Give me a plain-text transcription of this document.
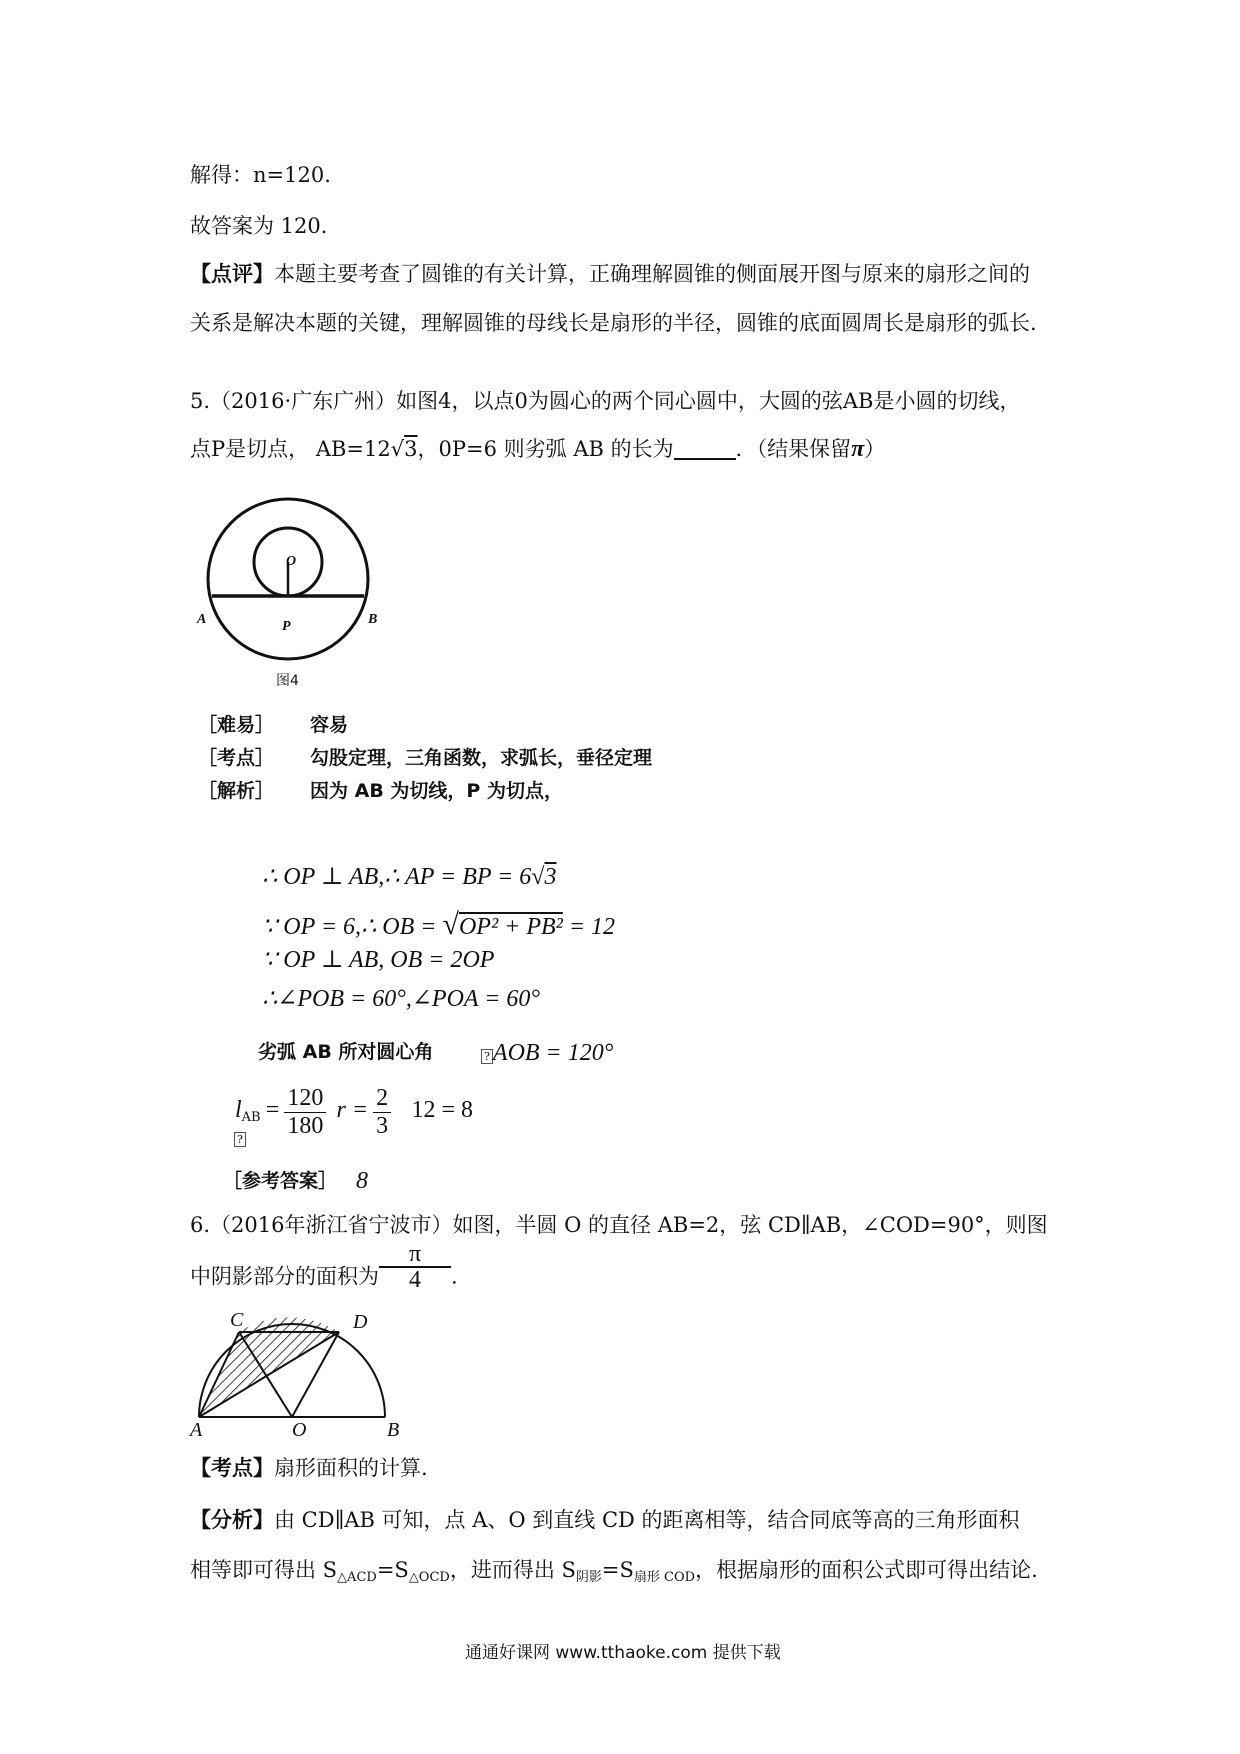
解得：n=120.
故答案为 120.
【点评】本题主要考查了圆锥的有关计算，正确理解圆锥的侧面展开图与原来的扇形之间的
关系是解决本题的关键，理解圆锥的母线长是扇形的半径，圆锥的底面圆周长是扇形的弧长.
5.（2016·广东广州）如图4，以点0为圆心的两个同心圆中，大圆的弦AB是小圆的切线，
点P是切点， AB=12√3，0P=6 则劣弧 AB 的长为	．（结果保留π）
O
A	P	B
图4
［难易］ 容易
［考点］ 勾股定理，三角函数，求弧长，垂径定理
［解析］ 因为 AB 为切线，P 为切点，
∴ OP ⊥ AB,∴ AP = BP = 6√3
∵ OP = 6,∴ OB = √OP² + PB² = 12
∵ OP ⊥ AB, OB = 2OP
∴∠POB = 60°,∠POA = 60°
劣弧 AB 所对圆心角	? AOB = 120°
$l_{AB} = \frac{120}{180}$ $r = \frac{2}{3} 12 = 8$
?
［参考答案］ 8
6.（2016年浙江省宁波市）如图，半圆 O 的直径 AB=2，弦 CD∥AB，∠COD=90°，则图
中阴影部分的面积为 $\frac{\pi}{4}$ .
C	D
A	O	B
【考点】扇形面积的计算.
【分析】由 CD∥AB 可知，点 A、O 到直线 CD 的距离相等，结合同底等高的三角形面积
相等即可得出 $S_{\triangle ACD}=S_{\triangle OCD}$，进而得出 $S_{阴影}=S_{扇形 COD}$，根据扇形的面积公式即可得出结论.
通通好课网 www.tthaoke.com 提供下载
